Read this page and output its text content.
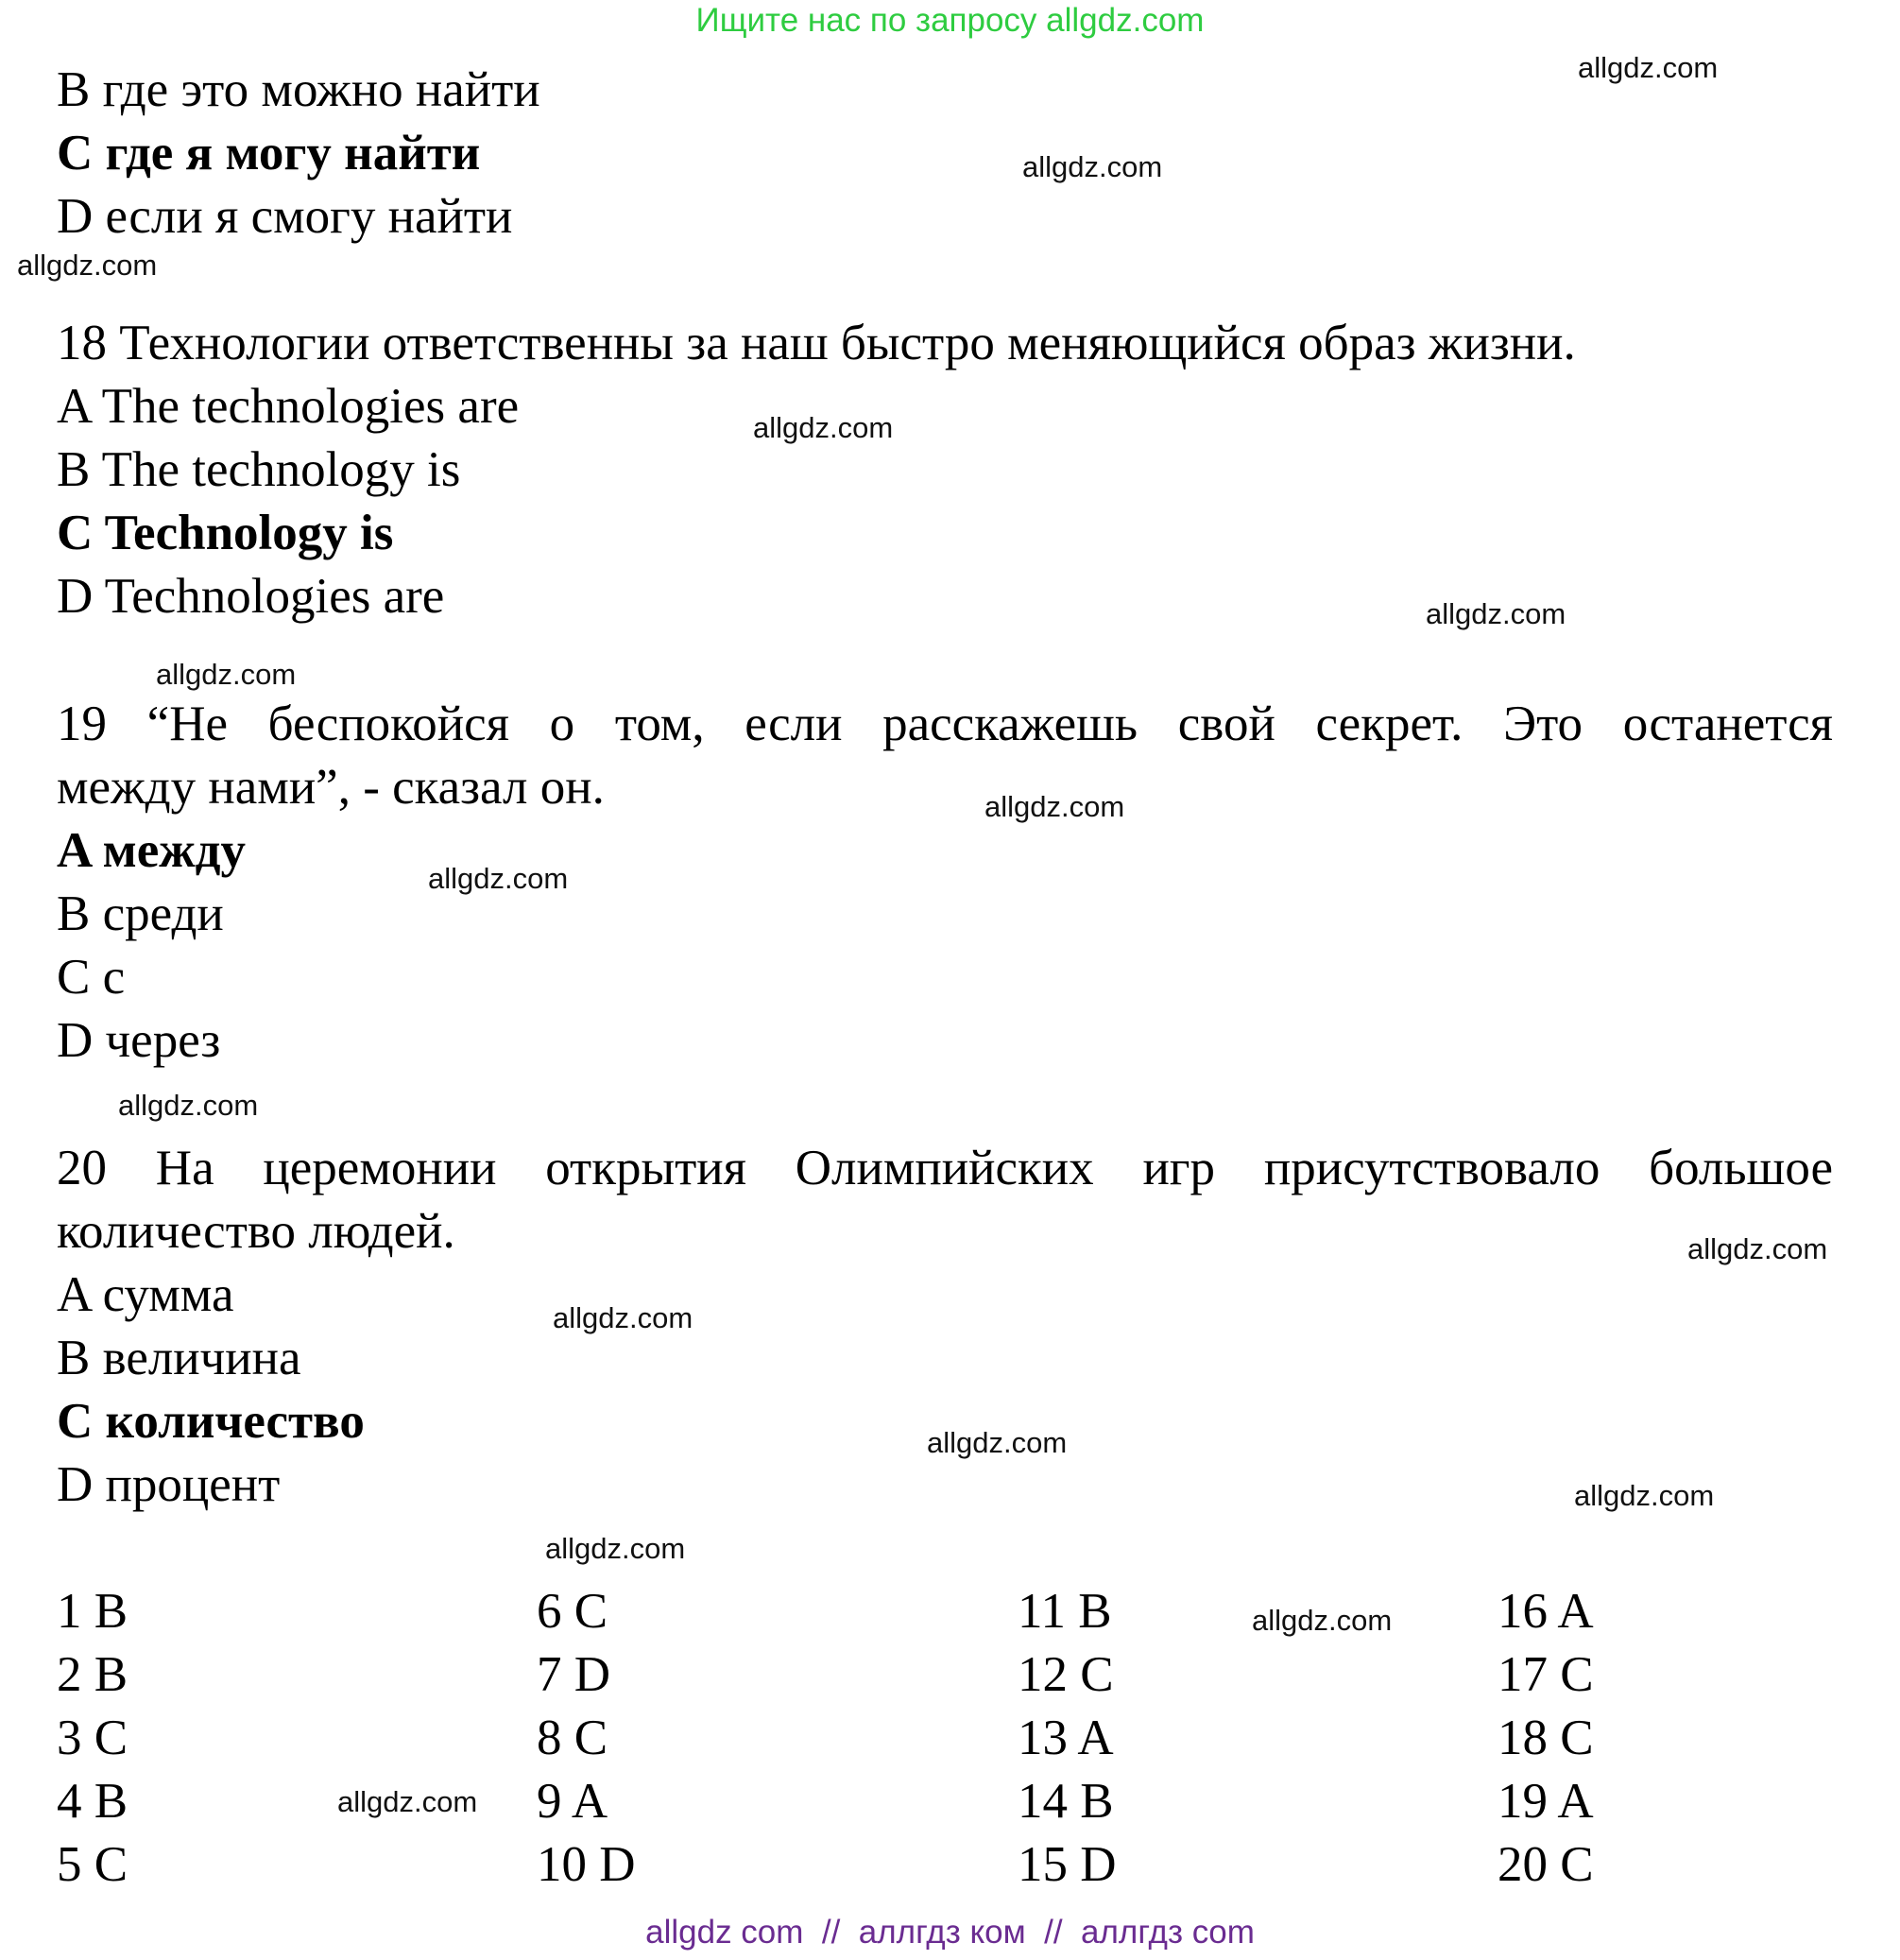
Ищите нас по запросу allgdz.com
B где это можно найти
C где я могу найти
D если я смогу найти
18 Технологии ответственны за наш быстро меняющийся образ жизни.
A The technologies are
B The technology is
C Technology is
D Technologies are
19 “Не беспокойся о том, если расскажешь свой секрет. Это останется
между нами”, - сказал он.
A между
B среди
C с
D через
20 На церемонии открытия Олимпийских игр присутствовало большое
количество людей.
A сумма
B величина
C количество
D процент
1 B
2 B
3 C
4 B
5 C
6 C
7 D
8 C
9 A
10 D
11 B
12 C
13 A
14 B
15 D
16 A
17 C
18 C
19 A
20 C
allgdz.com
allgdz.com
allgdz.com
allgdz.com
allgdz.com
allgdz.com
allgdz.com
allgdz.com
allgdz.com
allgdz.com
allgdz.com
allgdz.com
allgdz.com
allgdz.com
allgdz.com
allgdz.com
allgdz com  //  аллгдз ком  //  аллгдз com
